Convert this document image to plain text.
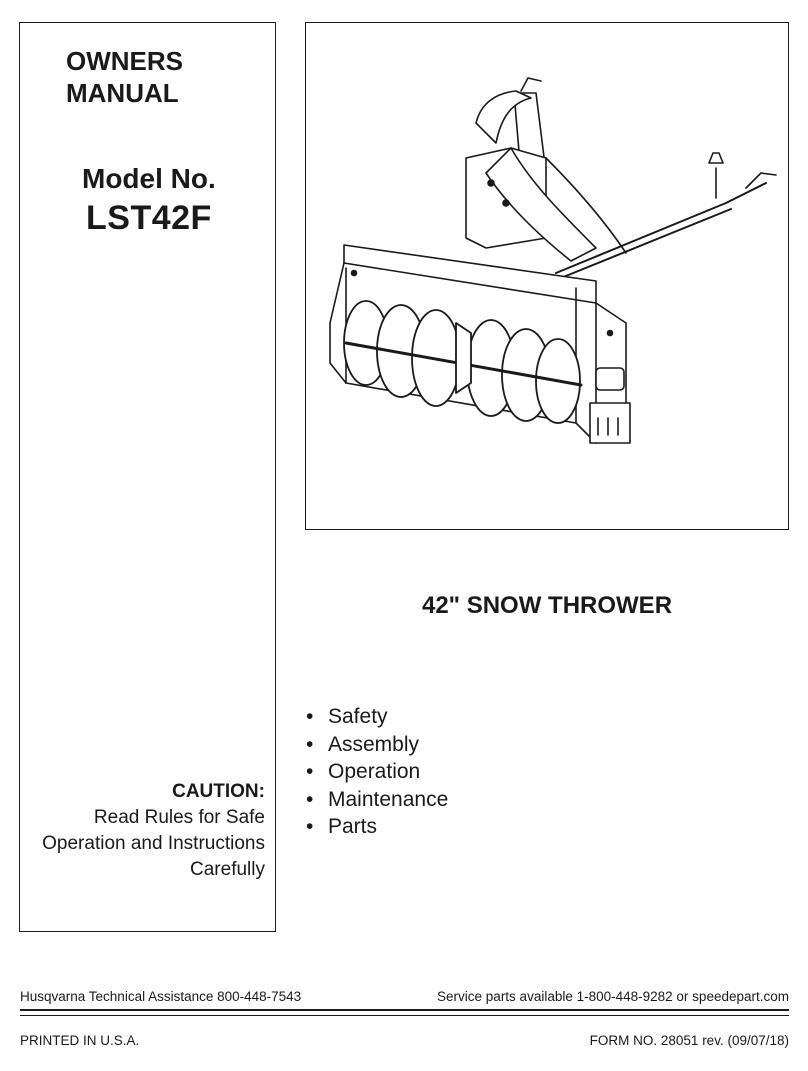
OWNERS
MANUAL
Model No.
LST42F
CAUTION:
Read Rules for Safe
Operation and Instructions
Carefully
42" SNOW THROWER
• Safety
• Assembly
• Operation
• Maintenance
• Parts
Husqvarna Technical Assistance 800-448-7543	Service parts available 1-800-448-9282 or speedepart.com
PRINTED IN U.S.A.	FORM NO. 28051 rev. (09/07/18)
